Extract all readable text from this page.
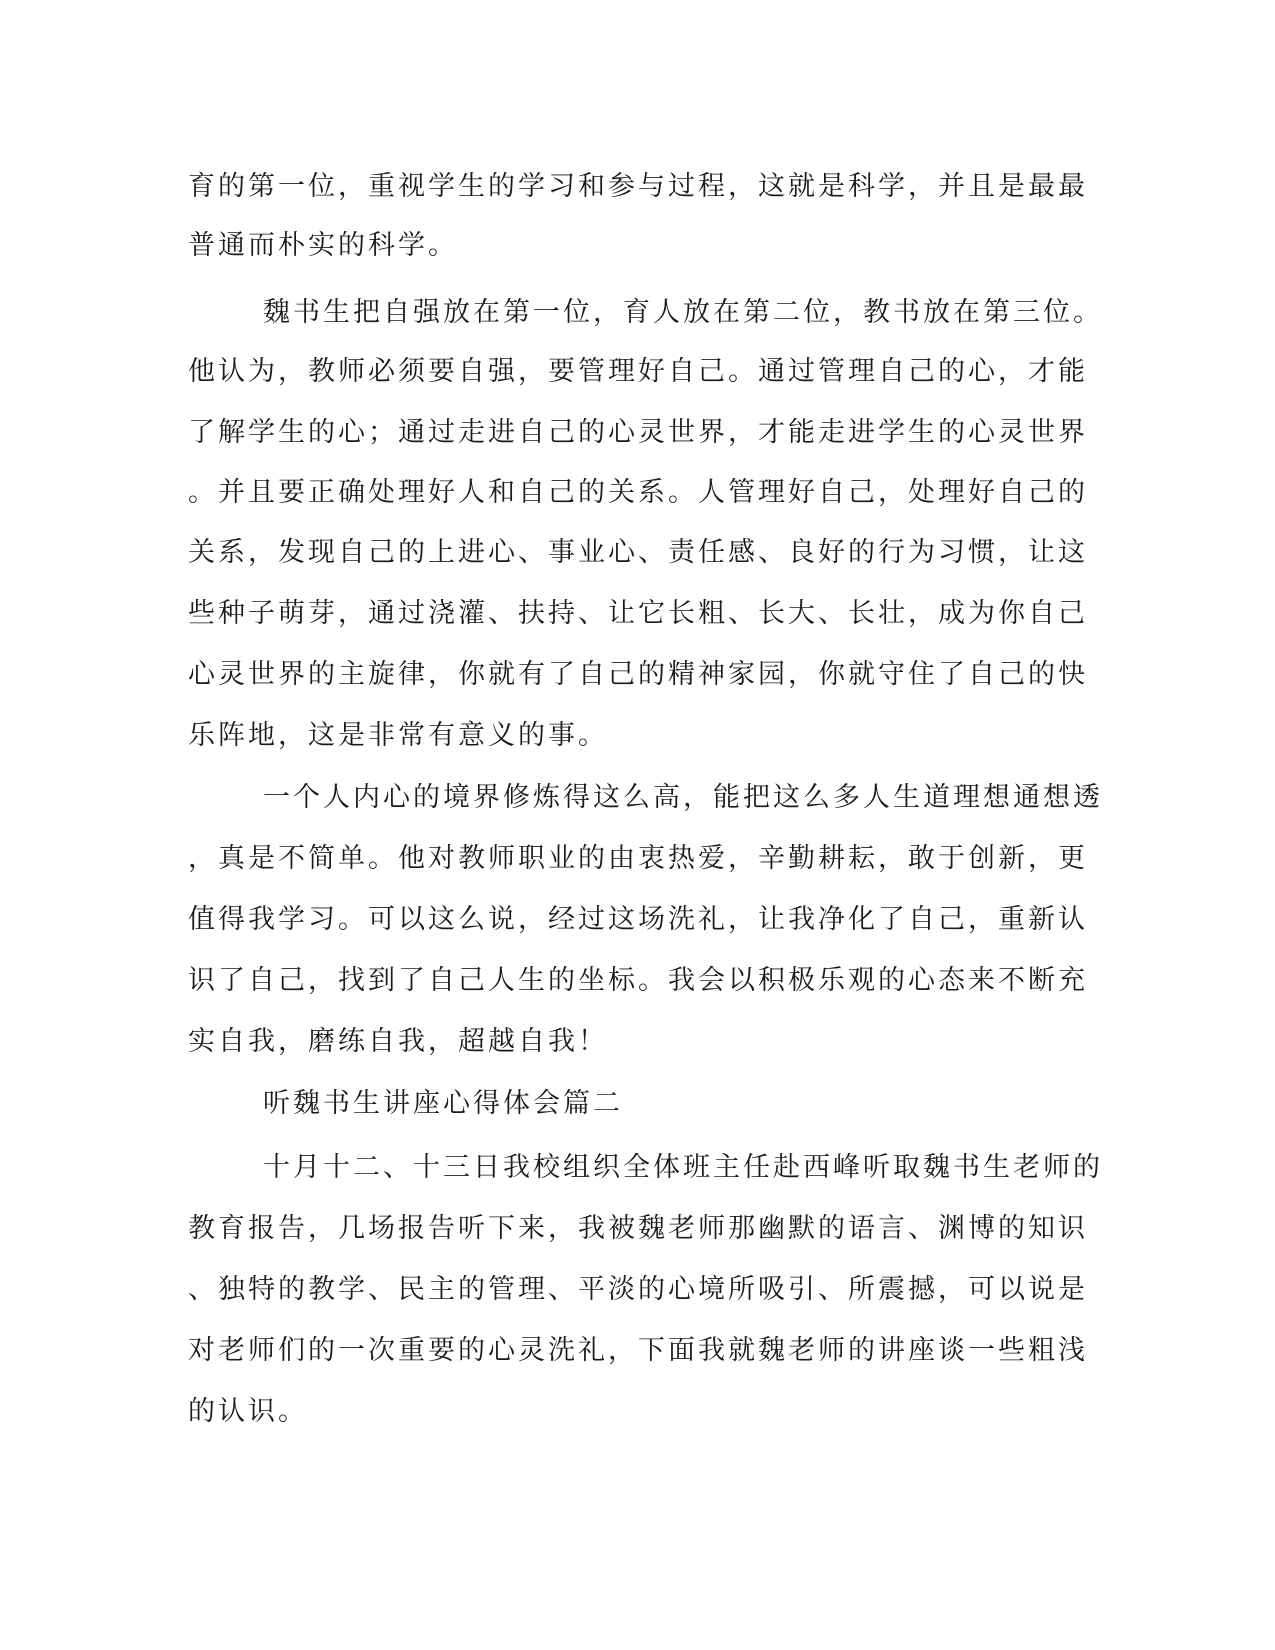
育的第一位，重视学生的学习和参与过程，这就是科学，并且是最最
普通而朴实的科学。
魏书生把自强放在第一位，育人放在第二位，教书放在第三位。
他认为，教师必须要自强，要管理好自己。通过管理自己的心，才能
了解学生的心；通过走进自己的心灵世界，才能走进学生的心灵世界
。并且要正确处理好人和自己的关系。人管理好自己，处理好自己的
关系，发现自己的上进心、事业心、责任感、良好的行为习惯，让这
些种子萌芽，通过浇灌、扶持、让它长粗、长大、长壮，成为你自己
心灵世界的主旋律，你就有了自己的精神家园，你就守住了自己的快
乐阵地，这是非常有意义的事。
一个人内心的境界修炼得这么高，能把这么多人生道理想通想透
，真是不简单。他对教师职业的由衷热爱，辛勤耕耘，敢于创新，更
值得我学习。可以这么说，经过这场洗礼，让我净化了自己，重新认
识了自己，找到了自己人生的坐标。我会以积极乐观的心态来不断充
实自我，磨练自我，超越自我！
听魏书生讲座心得体会篇二
十月十二、十三日我校组织全体班主任赴西峰听取魏书生老师的
教育报告，几场报告听下来，我被魏老师那幽默的语言、渊博的知识
、独特的教学、民主的管理、平淡的心境所吸引、所震撼，可以说是
对老师们的一次重要的心灵洗礼，下面我就魏老师的讲座谈一些粗浅
的认识。
